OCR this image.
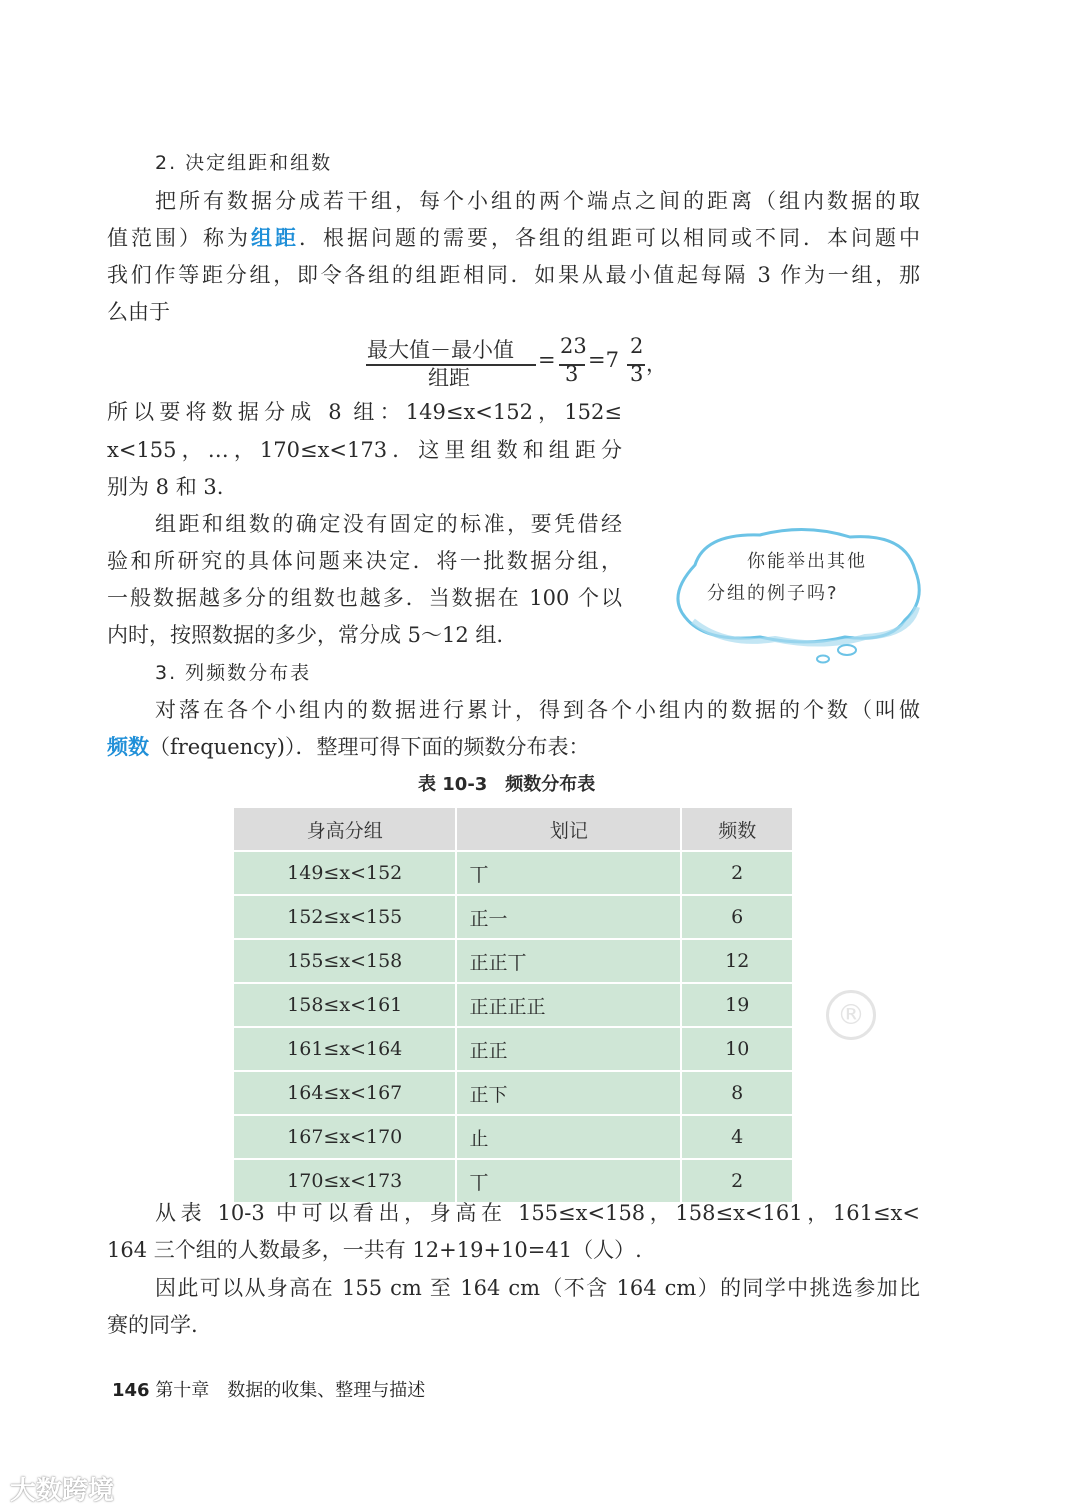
2. 决定组距和组数
把所有数据分成若干组，每个小组的两个端点之间的距离（组内数据的取
值范围）称为组距．根据问题的需要，各组的组距可以相同或不同．本问题中
我们作等距分组，即令各组的组距相同．如果从最小值起每隔 3 作为一组，那
么由于
最大值－最小值
组距
=
23
3
=7
2
3 ，
所以要将数据分成 8 组：149≤x<152，152≤
x<155，…，170≤x<173．这里组数和组距分
别为 8 和 3.
组距和组数的确定没有固定的标准，要凭借经
验和所研究的具体问题来决定．将一批数据分组，
一般数据越多分的组数也越多．当数据在 100 个以
内时，按照数据的多少，常分成 5～12 组.
你能举出其他
分组的例子吗?
3. 列频数分布表
对落在各个小组内的数据进行累计，得到各个小组内的数据的个数（叫做
频数（frequency)）．整理可得下面的频数分布表：
表 10-3　频数分布表
®
身高分组	划记	频数
149≤x<152	丅	2
152≤x<155	正一	6
155≤x<158	正正丅	12
158≤x<161	正正正正	19
161≤x<164	正正	10
164≤x<167	正下	8
167≤x<170	止	4
170≤x<173	丅	2
从表 10-3 中可以看出，身高在 155≤x<158，158≤x<161，161≤x<
164 三个组的人数最多，一共有 12+19+10=41（人）.
因此可以从身高在 155 cm 至 164 cm（不含 164 cm）的同学中挑选参加比
赛的同学.
146 第十章　数据的收集、整理与描述
大数跨境
